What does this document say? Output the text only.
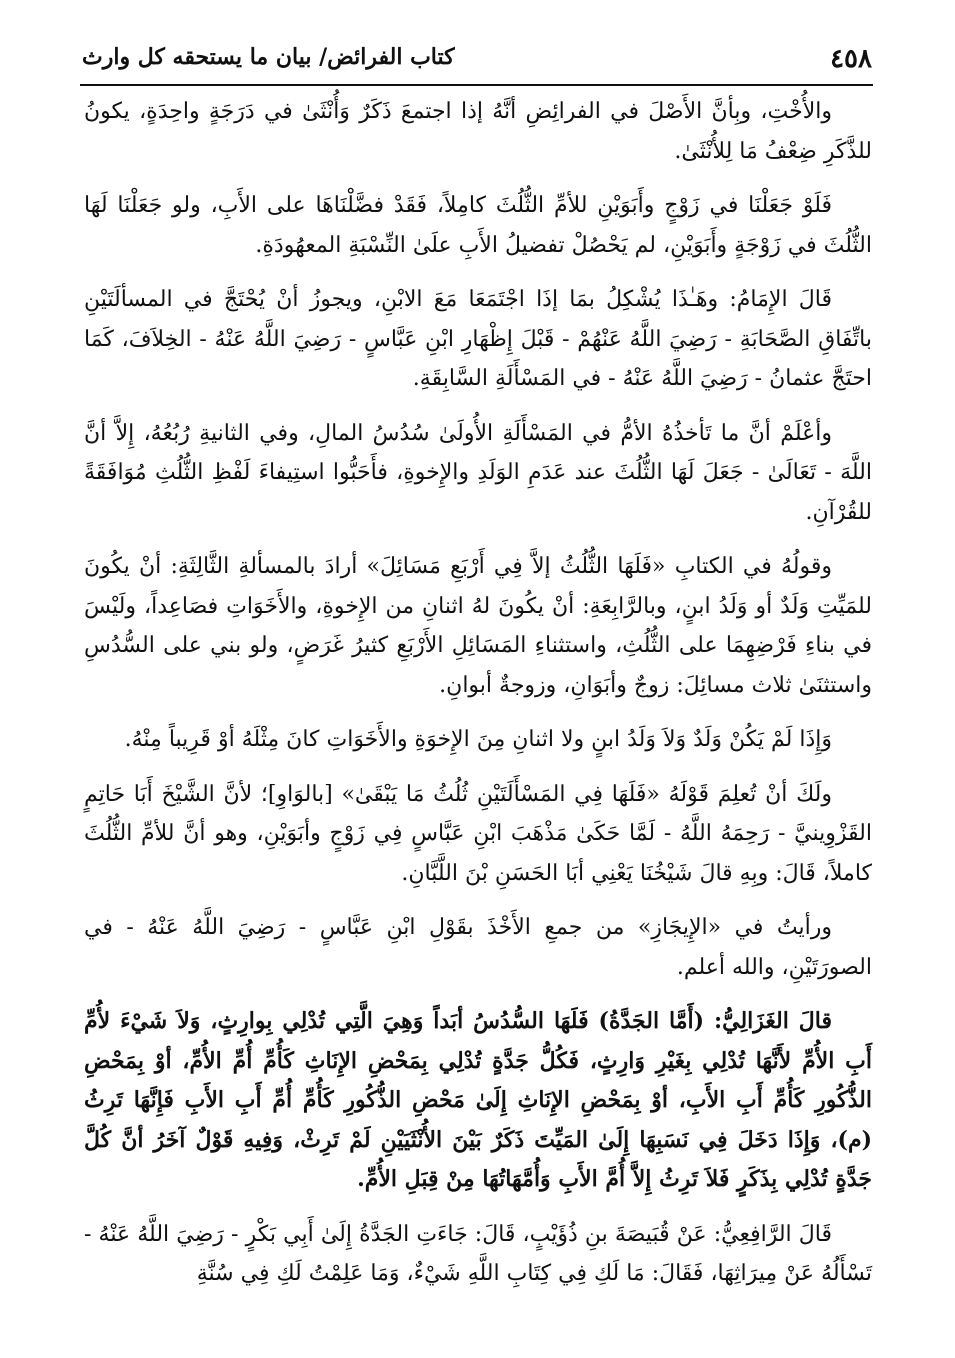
٤٥٨
كتاب الفرائض/ بيان ما يستحقه كل وارث

والأُخْتِ، وبِأنَّ الأَصْلَ في الفرائِضِ أنَّهُ إذا اجتمعَ ذَكَرٌ وَأُنْثَىٰ في دَرَجَةٍ واحِدَةٍ، يكونُ للذَّكَرِ ضِعْفُ مَا لِلأُنْثَىٰ.

فَلَوْ جَعَلْنَا في زَوْجٍ وأَبَوَيْنِ للأمِّ الثُّلُثَ كامِلاً، فَقَدْ فضَّلْنَاهَا على الأَبِ، ولو جَعَلْنَا لَهَا الثُّلُثَ في زَوْجَةٍ وأَبَوَيْنِ، لم يَحْصُلْ تفضيلُ الأَبِ علَىٰ النِّسْبَةِ المعهُودَةِ.

قَالَ الإِمَامُ: وهَـٰذَا يُشْكِلُ بمَا إذَا اجْتَمَعَا مَعَ الابْنِ، ويجوزُ أنْ يُحْتَجَّ في المسألَتَيْنِ باتِّفَاقِ الصَّحَابَةِ - رَضِيَ اللَّهُ عَنْهُمْ - قَبْلَ إِظْهَارِ ابْنِ عَبَّاسٍ - رَضِيَ اللَّهُ عَنْهُ - الخِلاَفَ، كَمَا احتَجَّ عثمانُ - رَضِيَ اللَّهُ عَنْهُ - في المَسْأَلَةِ السَّابِقَةِ.

وأعْلَمْ أنَّ ما تَأخذُهُ الأمُّ في المَسْأَلَةِ الأُولَىٰ سُدُسُ المالِ، وفي الثانيةِ رُبُعُهُ، إِلاَّ أنَّ اللَّهَ - تَعَالَىٰ - جَعَلَ لَهَا الثُّلُثَ عند عَدَمِ الوَلَدِ والإِخوةِ، فأَحَبُّوا استِيفاءَ لَفْظِ الثُّلُثِ مُوَافَقَةً للقُرْآنِ.

وقولُهُ في الكتابِ «فَلَهَا الثُّلُثُ إلاَّ فِي أَرْبَعِ مَسَائِلَ» أرادَ بالمسألةِ الثَّالِثَةِ: أنْ يكُونَ للمَيِّتِ وَلَدٌ أو وَلَدُ ابنٍ، وبالرَّابِعَةِ: أنْ يكُونَ لهُ اثنانِ من الإِخوةِ، والأَخَوَاتِ فصَاعِداً، ولَيْسَ في بناءِ فَرْضِهِمَا على الثُّلُثِ، واستثناءِ المَسَائِلِ الأَرْبَعِ كثيرُ غَرَضٍ، ولو بني على السُّدُسِ واستثنَىٰ ثلاث مسائِلَ: زوجٌ وأبَوَانِ، وزوجةٌ أبوانِ.

وَإِذَا لَمْ يَكُنْ وَلَدٌ وَلاَ وَلَدُ ابنٍ ولا اثنانِ مِنَ الإِخوَةِ والأَخَوَاتِ كانَ مِثْلَهُ أوْ قَرِيباً مِنْهُ.

ولَكَ أنْ تُعلِمَ قَوْلَهُ «فَلَهَا فِي المَسْأَلَتَيْنِ ثُلُثُ مَا يَبْقَىٰ» [بالوَاوِ]؛ لأنَّ الشَّيْخَ أَبَا حَاتِمٍ القَزْوِينيَّ - رَحِمَهُ اللَّهُ - لَمَّا حَكَىٰ مَذْهَبَ ابْنِ عَبَّاسٍ فِي زَوْجٍ وأبَوَيْنِ، وهو أنَّ للأمِّ الثُّلُثَ كاملاً، قَالَ: وبِهِ قالَ شَيْخُنَا يَعْنِي أبَا الحَسَنِ بْنَ اللَّبَّانِ.

ورأيتُ في «الإِيجَازِ» من جمعِ الأَخْذَ بقَوْلِ ابْنِ عَبَّاسٍ - رَضِيَ اللَّهُ عَنْهُ - في الصورَتَيْنِ، والله أعلم.

قالَ الغَزَالِيُّ: (أَمَّا الجَدَّةُ) فَلَهَا السُّدُسُ أبَداً وَهِيَ الَّتِي تُدْلِي بِوارِثٍ، وَلاَ شَيْءَ لأُمِّ أَبِ الأُمِّ لأَنَّهَا تُدْلِي بِغَيْرِ وَارِثٍ، فَكُلُّ جَدَّةٍ تُدْلِي بِمَحْضِ الإِنَاثِ كَأُمِّ أُمِّ الأُمِّ، أوْ بِمَحْضِ الذُّكُورِ كَأُمِّ أَبِ الأَبِ، أوْ بِمَحْضِ الإِنَاثِ إِلَىٰ مَحْضِ الذُّكُورِ كَأُمِّ أُمِّ أَبِ الأَبِ فَإِنَّهَا تَرِثُ (م)، وَإِذَا دَخَلَ فِي نَسَبِهَا إِلَىٰ المَيِّتَ ذَكَرٌ بَيْنَ الأُنْثَيَيْنِ لَمْ تَرِثْ، وَفِيهِ قَوْلٌ آخَرُ أنَّ كُلَّ جَدَّةٍ تُدْلِي بِذَكَرٍ فَلاَ تَرِثُ إِلاَّ أُمَّ الأَبِ وَأُمَّهَاتُهَا مِنْ قِبَلِ الأُمِّ.

قَالَ الرَّافِعِيُّ: عَنْ قُبَيصَةَ بنِ ذُؤَيْبٍ، قَالَ: جَاءَتِ الجَدَّةُ إِلَىٰ أَبِي بَكْرٍ - رَضِيَ اللَّهُ عَنْهُ - تَسْأَلُهُ عَنْ مِيرَاثِهَا، فَقَالَ: مَا لَكِ فِي كِتَابِ اللَّهِ شَيْءٌ، وَمَا عَلِمْتُ لَكِ فِي سُنَّةِ
